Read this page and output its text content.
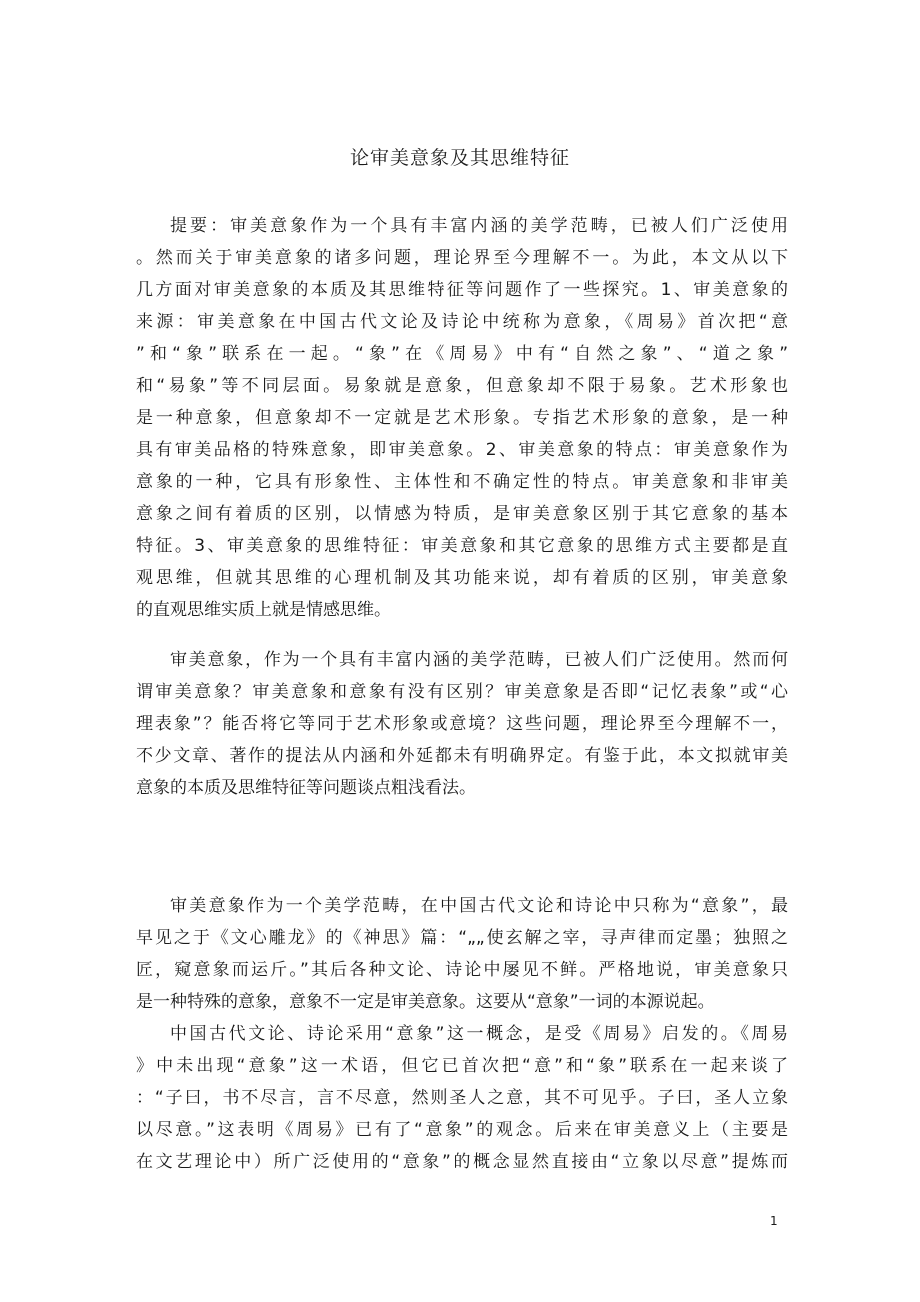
论审美意象及其思维特征
提要：审美意象作为一个具有丰富内涵的美学范畴，已被人们广泛使用
。然而关于审美意象的诸多问题，理论界至今理解不一。为此，本文从以下
几方面对审美意象的本质及其思维特征等问题作了一些探究。1、审美意象的
来源：审美意象在中国古代文论及诗论中统称为意象，《周易》首次把“意
”和“象”联系在一起。“象”在《周易》中有“自然之象”、“道之象”
和“易象”等不同层面。易象就是意象，但意象却不限于易象。艺术形象也
是一种意象，但意象却不一定就是艺术形象。专指艺术形象的意象，是一种
具有审美品格的特殊意象，即审美意象。2、审美意象的特点：审美意象作为
意象的一种，它具有形象性、主体性和不确定性的特点。审美意象和非审美
意象之间有着质的区别，以情感为特质，是审美意象区别于其它意象的基本
特征。3、审美意象的思维特征：审美意象和其它意象的思维方式主要都是直
观思维，但就其思维的心理机制及其功能来说，却有着质的区别，审美意象
的直观思维实质上就是情感思维。
审美意象，作为一个具有丰富内涵的美学范畴，已被人们广泛使用。然而何
谓审美意象？审美意象和意象有没有区别？审美意象是否即“记忆表象”或“心
理表象”？能否将它等同于艺术形象或意境？这些问题，理论界至今理解不一，
不少文章、著作的提法从内涵和外延都未有明确界定。有鉴于此，本文拟就审美
意象的本质及思维特征等问题谈点粗浅看法。
审美意象作为一个美学范畴，在中国古代文论和诗论中只称为“意象”，最
早见之于《文心雕龙》的《神思》篇：“„„使玄解之宰，寻声律而定墨；独照之
匠，窥意象而运斤。”其后各种文论、诗论中屡见不鲜。严格地说，审美意象只
是一种特殊的意象，意象不一定是审美意象。这要从“意象”一词的本源说起。
中国古代文论、诗论采用“意象”这一概念，是受《周易》启发的。《周易
》中未出现“意象”这一术语，但它已首次把“意”和“象”联系在一起来谈了
：“子曰，书不尽言，言不尽意，然则圣人之意，其不可见乎。子曰，圣人立象
以尽意。”这表明《周易》已有了“意象”的观念。后来在审美意义上（主要是
在文艺理论中）所广泛使用的“意象”的概念显然直接由“立象以尽意”提炼而
1
